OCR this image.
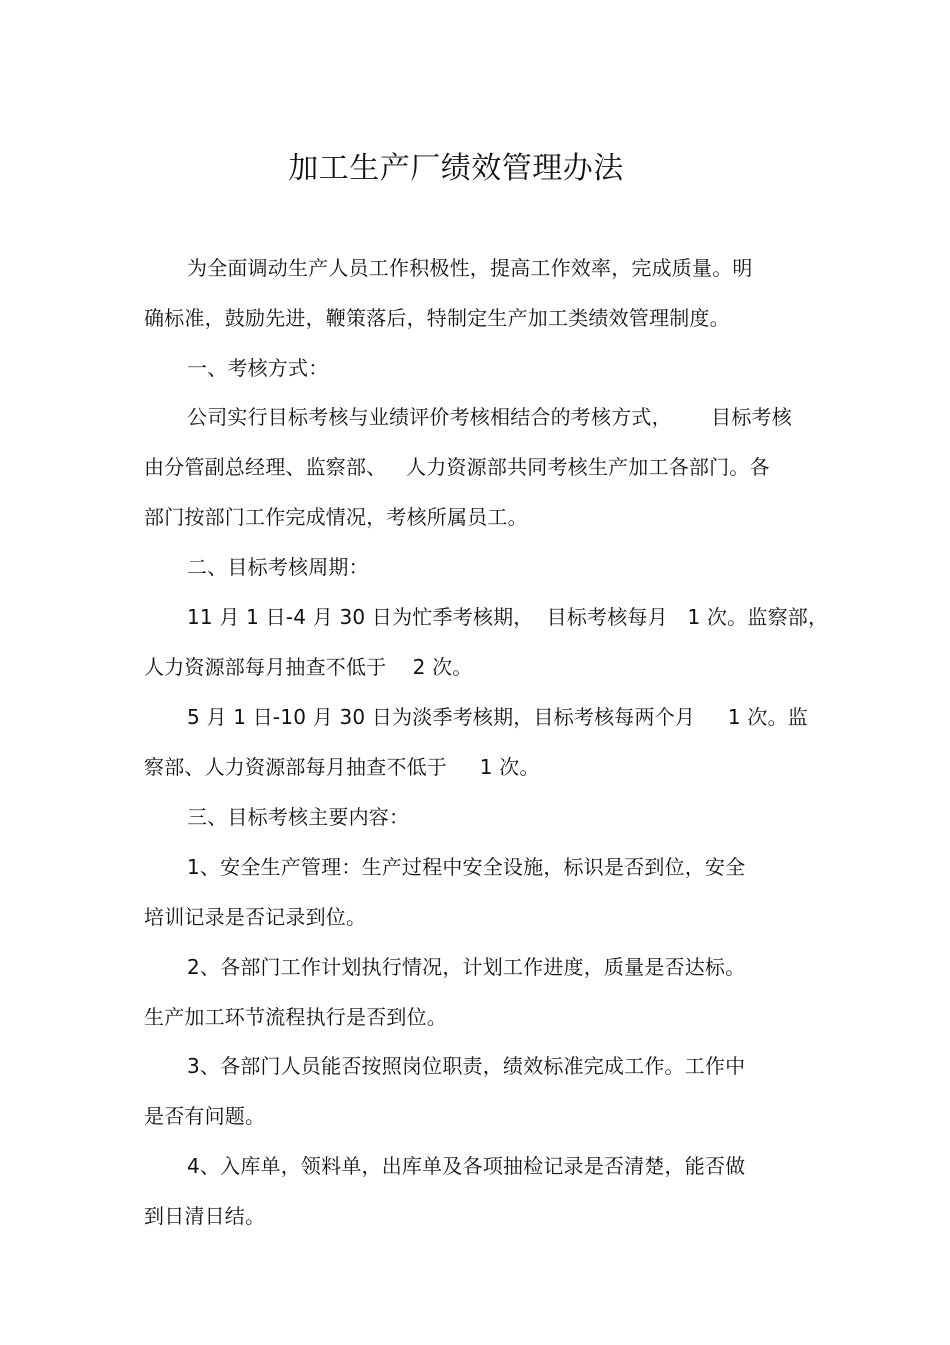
加工生产厂绩效管理办法
为全面调动生产人员工作积极性，提高工作效率，完成质量。明
确标准，鼓励先进，鞭策落后，特制定生产加工类绩效管理制度。
一、考核方式：
公司实行目标考核与业绩评价考核相结合的考核方式，      目标考核
由分管副总经理、监察部、   人力资源部共同考核生产加工各部门。各
部门按部门工作完成情况，考核所属员工。
二、目标考核周期：
11 月 1 日-4 月 30 日为忙季考核期，  目标考核每月   1 次。监察部，
人力资源部每月抽查不低于    2 次。
5 月 1 日-10 月 30 日为淡季考核期，目标考核每两个月     1 次。监
察部、人力资源部每月抽查不低于     1 次。
三、目标考核主要内容：
1、安全生产管理：生产过程中安全设施，标识是否到位，安全
培训记录是否记录到位。
2、各部门工作计划执行情况，计划工作进度，质量是否达标。
生产加工环节流程执行是否到位。
3、各部门人员能否按照岗位职责，绩效标准完成工作。工作中
是否有问题。
4、入库单，领料单，出库单及各项抽检记录是否清楚，能否做
到日清日结。
